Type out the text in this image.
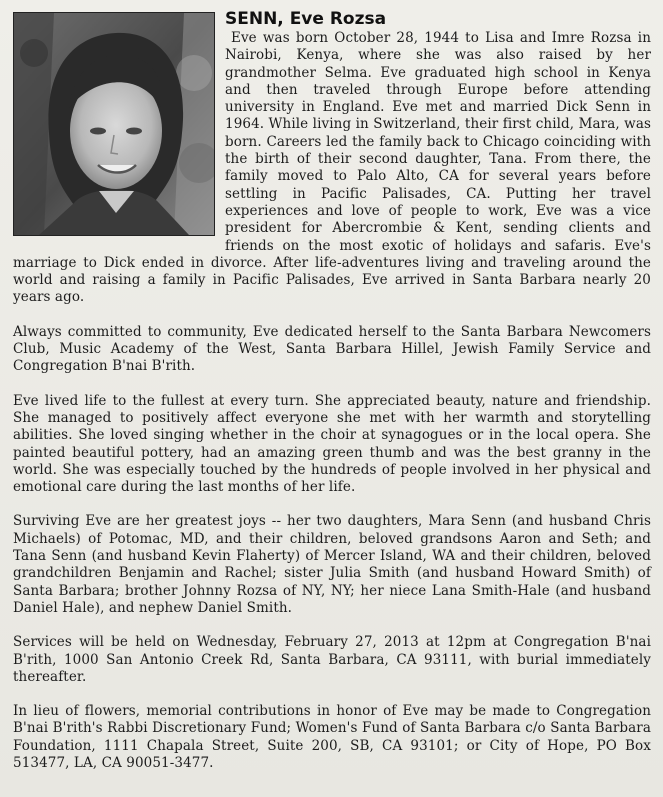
SENN, Eve Rozsa

Eve was born October 28, 1944 to Lisa and Imre Rozsa in Nairobi, Kenya, where she was also raised by her grandmother Selma. Eve graduated high school in Kenya and then traveled through Europe before attending university in England. Eve met and married Dick Senn in 1964. While living in Switzerland, their first child, Mara, was born. Careers led the family back to Chicago coinciding with the birth of their second daughter, Tana. From there, the family moved to Palo Alto, CA for several years before settling in Pacific Palisades, CA. Putting her travel experiences and love of people to work, Eve was a vice president for Abercrombie & Kent, sending clients and friends on the most exotic of holidays and safaris. Eve's marriage to Dick ended in divorce. After life-adventures living and traveling around the world and raising a family in Pacific Palisades, Eve arrived in Santa Barbara nearly 20 years ago.

Always committed to community, Eve dedicated herself to the Santa Barbara Newcomers Club, Music Academy of the West, Santa Barbara Hillel, Jewish Family Service and Congregation B'nai B'rith.

Eve lived life to the fullest at every turn. She appreciated beauty, nature and friendship. She managed to positively affect everyone she met with her warmth and storytelling abilities. She loved singing whether in the choir at synagogues or in the local opera. She painted beautiful pottery, had an amazing green thumb and was the best granny in the world. She was especially touched by the hundreds of people involved in her physical and emotional care during the last months of her life.

Surviving Eve are her greatest joys -- her two daughters, Mara Senn (and husband Chris Michaels) of Potomac, MD, and their children, beloved grandsons Aaron and Seth; and Tana Senn (and husband Kevin Flaherty) of Mercer Island, WA and their children, beloved grandchildren Benjamin and Rachel; sister Julia Smith (and husband Howard Smith) of Santa Barbara; brother Johnny Rozsa of NY, NY; her niece Lana Smith-Hale (and husband Daniel Hale), and nephew Daniel Smith.

Services will be held on Wednesday, February 27, 2013 at 12pm at Congregation B'nai B'rith, 1000 San Antonio Creek Rd, Santa Barbara, CA 93111, with burial immediately thereafter.

In lieu of flowers, memorial contributions in honor of Eve may be made to Congregation B'nai B'rith's Rabbi Discretionary Fund; Women's Fund of Santa Barbara c/o Santa Barbara Foundation, 1111 Chapala Street, Suite 200, SB, CA 93101; or City of Hope, PO Box 513477, LA, CA 90051-3477.
